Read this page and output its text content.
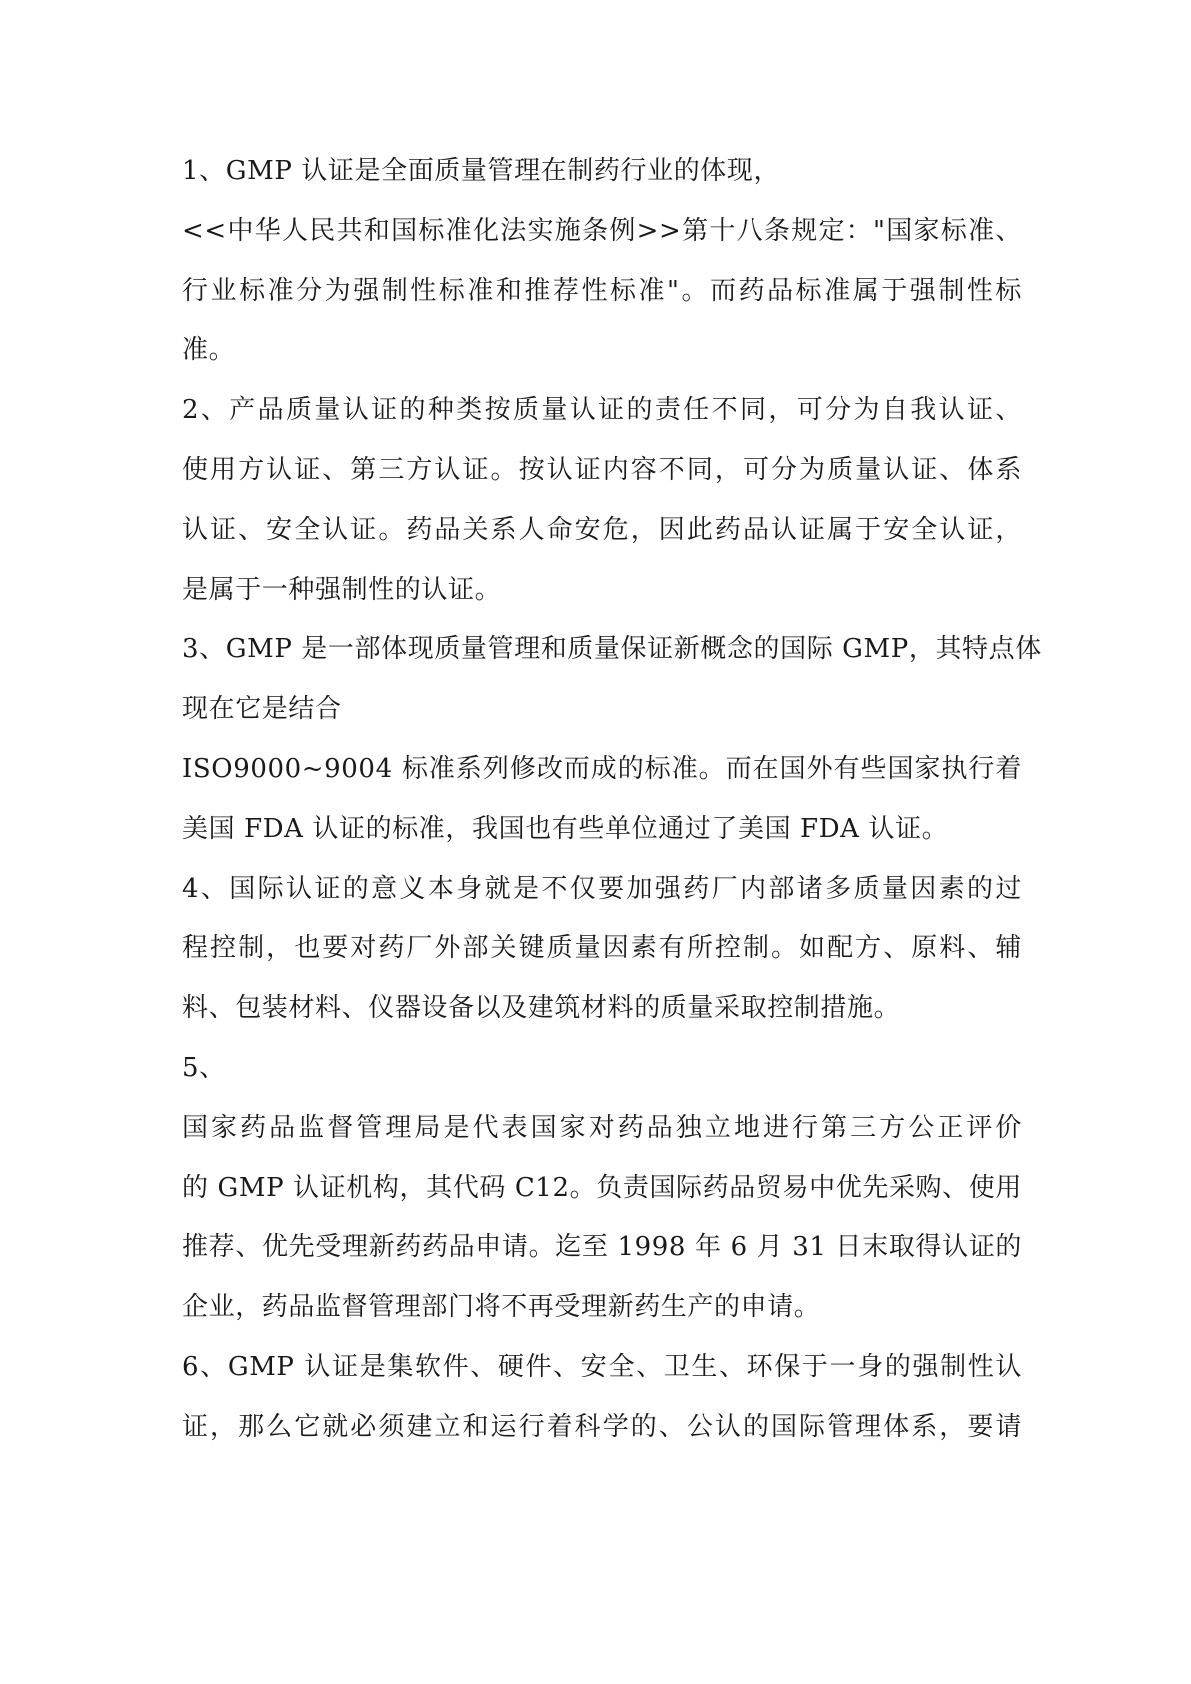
1、GMP 认证是全面质量管理在制药行业的体现，
<<中华人民共和国标准化法实施条例>>第十八条规定："国家标准、
行业标准分为强制性标准和推荐性标准"。而药品标准属于强制性标
准。
2、产品质量认证的种类按质量认证的责任不同，可分为自我认证、
使用方认证、第三方认证。按认证内容不同，可分为质量认证、体系
认证、安全认证。药品关系人命安危，因此药品认证属于安全认证，
是属于一种强制性的认证。
3、GMP 是一部体现质量管理和质量保证新概念的国际 GMP，其特点体
现在它是结合
ISO9000~9004 标准系列修改而成的标准。而在国外有些国家执行着
美国 FDA 认证的标准，我国也有些单位通过了美国 FDA 认证。
4、国际认证的意义本身就是不仅要加强药厂内部诸多质量因素的过
程控制，也要对药厂外部关键质量因素有所控制。如配方、原料、辅
料、包装材料、仪器设备以及建筑材料的质量采取控制措施。
5、
国家药品监督管理局是代表国家对药品独立地进行第三方公正评价
的 GMP 认证机构，其代码 C12。负责国际药品贸易中优先采购、使用
推荐、优先受理新药药品申请。迄至 1998 年 6 月 31 日末取得认证的
企业，药品监督管理部门将不再受理新药生产的申请。
6、GMP 认证是集软件、硬件、安全、卫生、环保于一身的强制性认
证，那么它就必须建立和运行着科学的、公认的国际管理体系，要请
